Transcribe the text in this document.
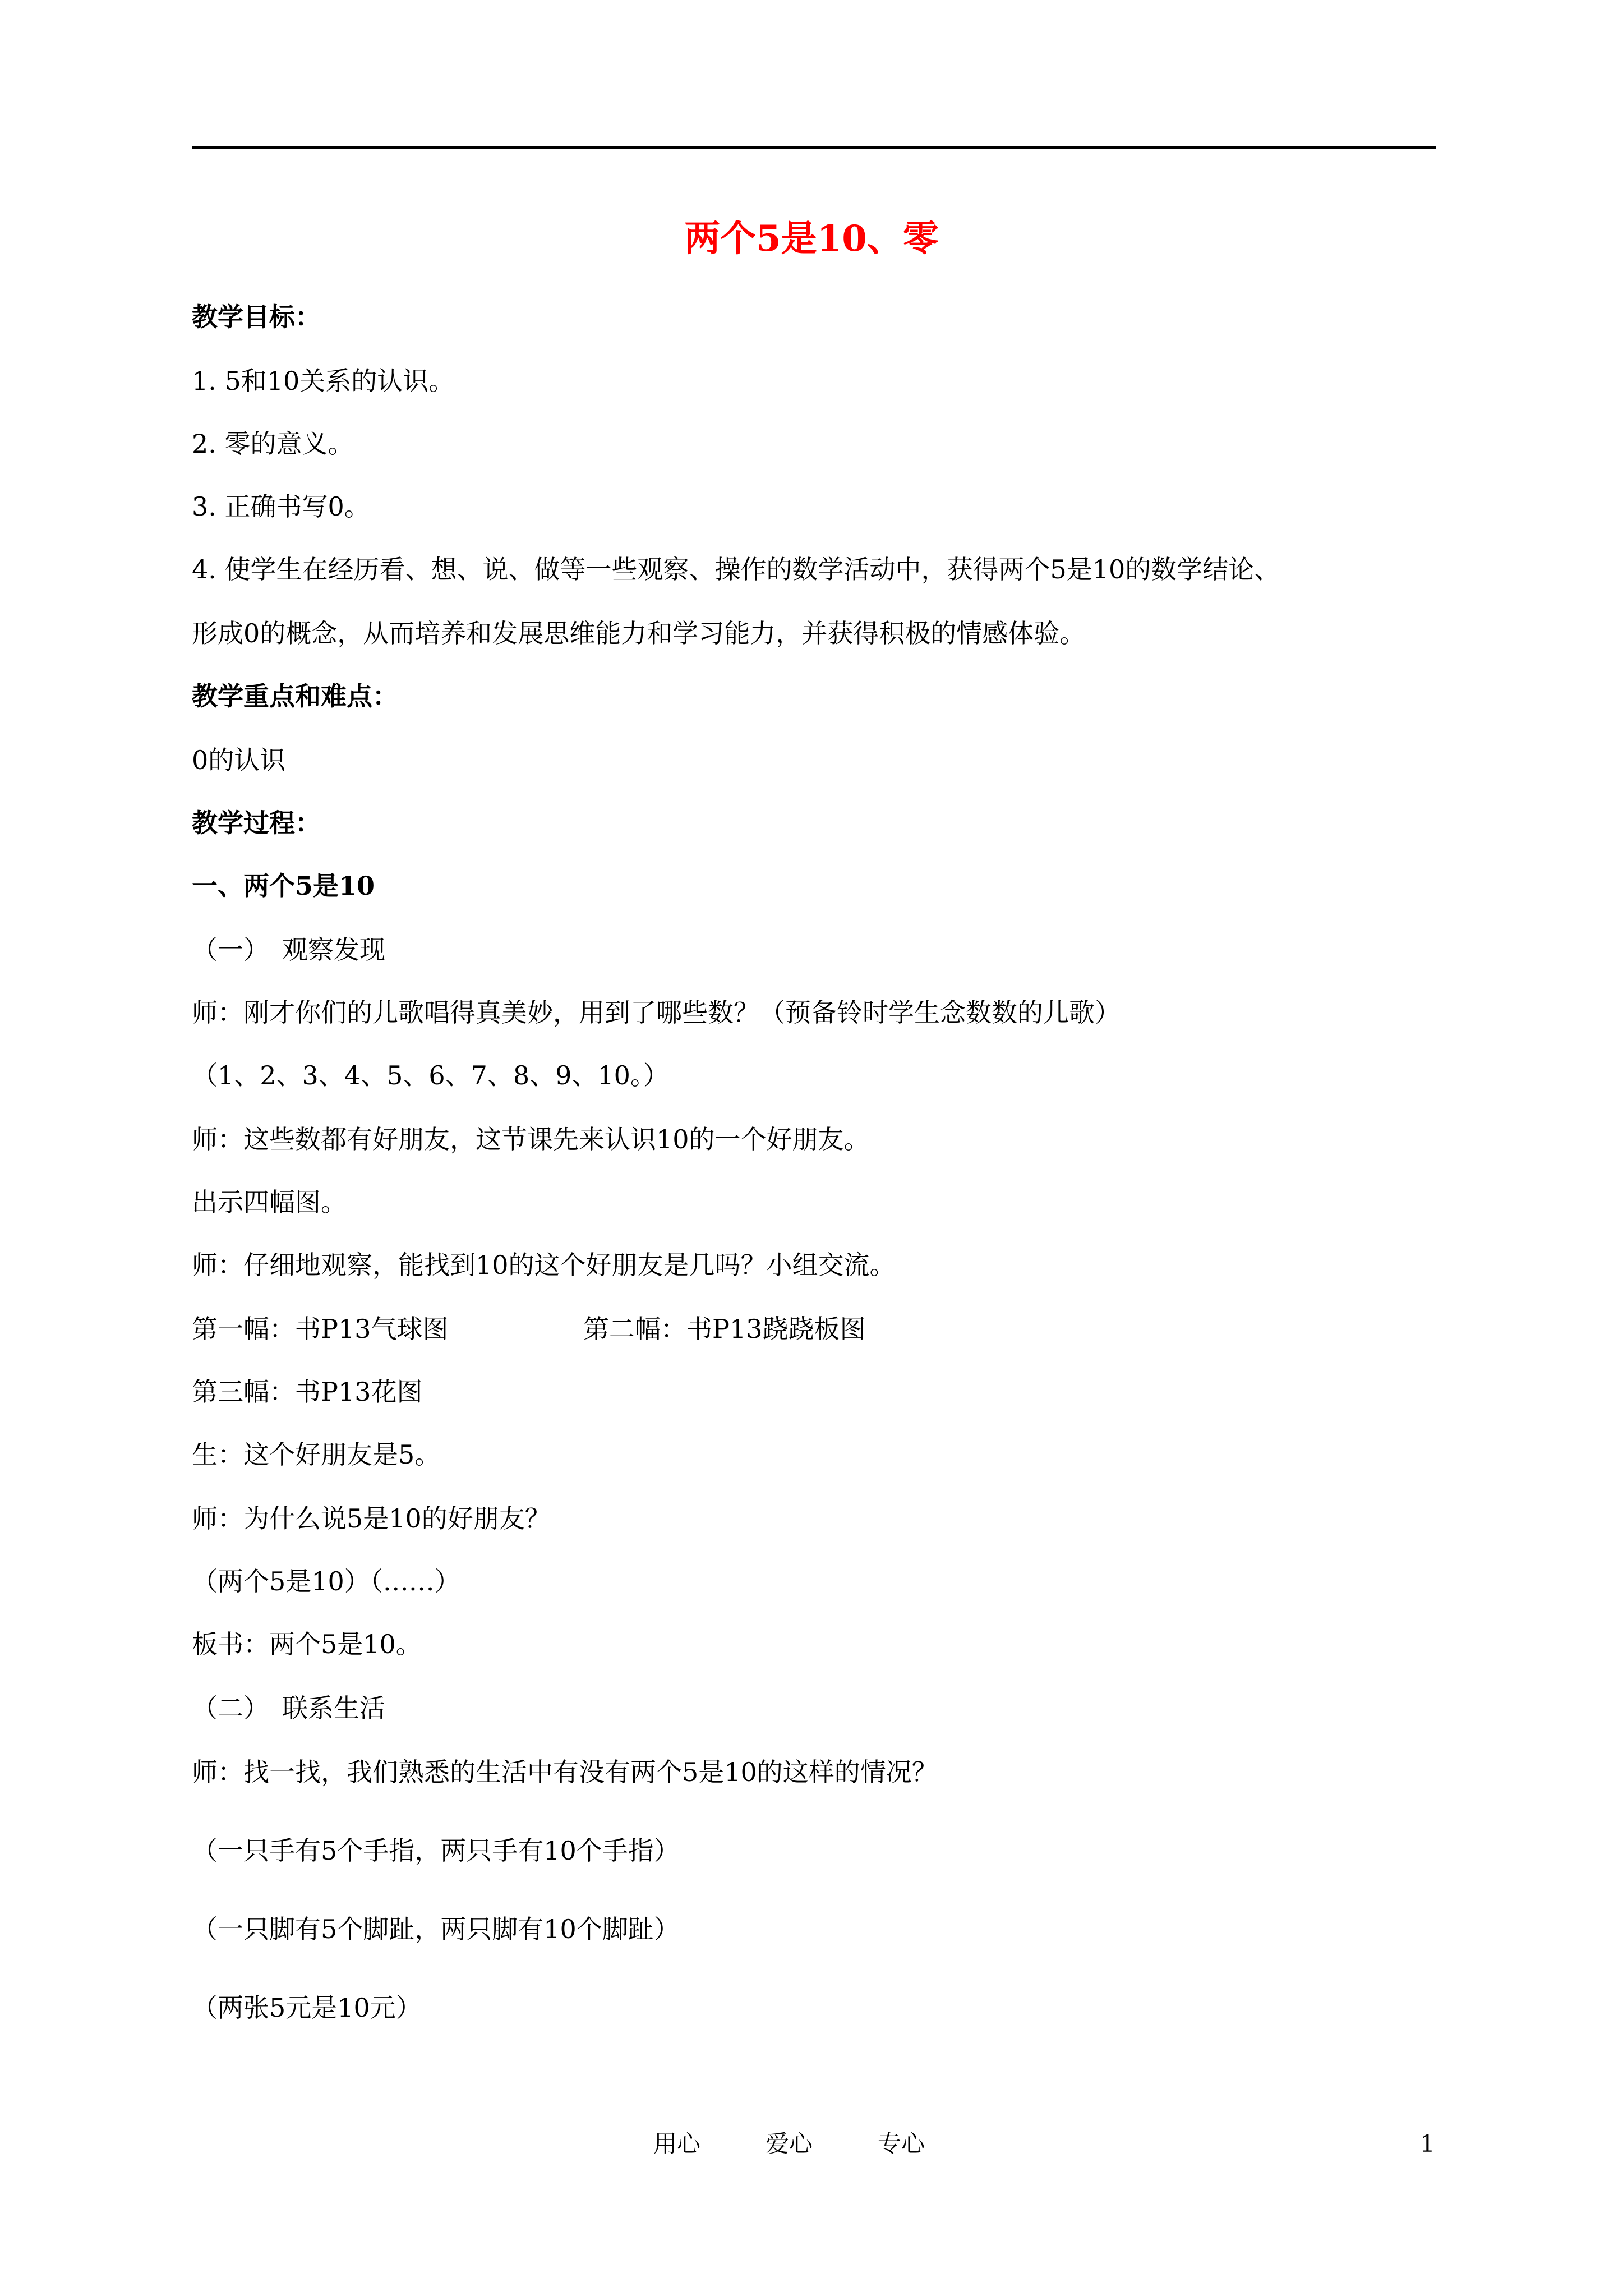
两个5是10、零
教学目标：
1. 5和10关系的认识。
2. 零的意义。
3. 正确书写0。
4. 使学生在经历看、想、说、做等一些观察、操作的数学活动中，获得两个5是10的数学结论、
形成0的概念，从而培养和发展思维能力和学习能力，并获得积极的情感体验。
教学重点和难点：
0的认识
教学过程：
一、两个5是10
（一）　观察发现
师：刚才你们的儿歌唱得真美妙，用到了哪些数？（预备铃时学生念数数的儿歌）
（1、2、3、4、5、6、7、8、9、10。）
师：这些数都有好朋友，这节课先来认识10的一个好朋友。
出示四幅图。
师：仔细地观察，能找到10的这个好朋友是几吗？小组交流。
第一幅：书P13气球图	第二幅：书P13跷跷板图
第三幅：书P13花图
生：这个好朋友是5。
师：为什么说5是10的好朋友？
（两个5是10）（……）
板书：两个5是10。
（二）　联系生活
师：找一找，我们熟悉的生活中有没有两个5是10的这样的情况？
（一只手有5个手指，两只手有10个手指）
（一只脚有5个脚趾，两只脚有10个脚趾）
（两张5元是10元）
用心	爱心	专心	1
